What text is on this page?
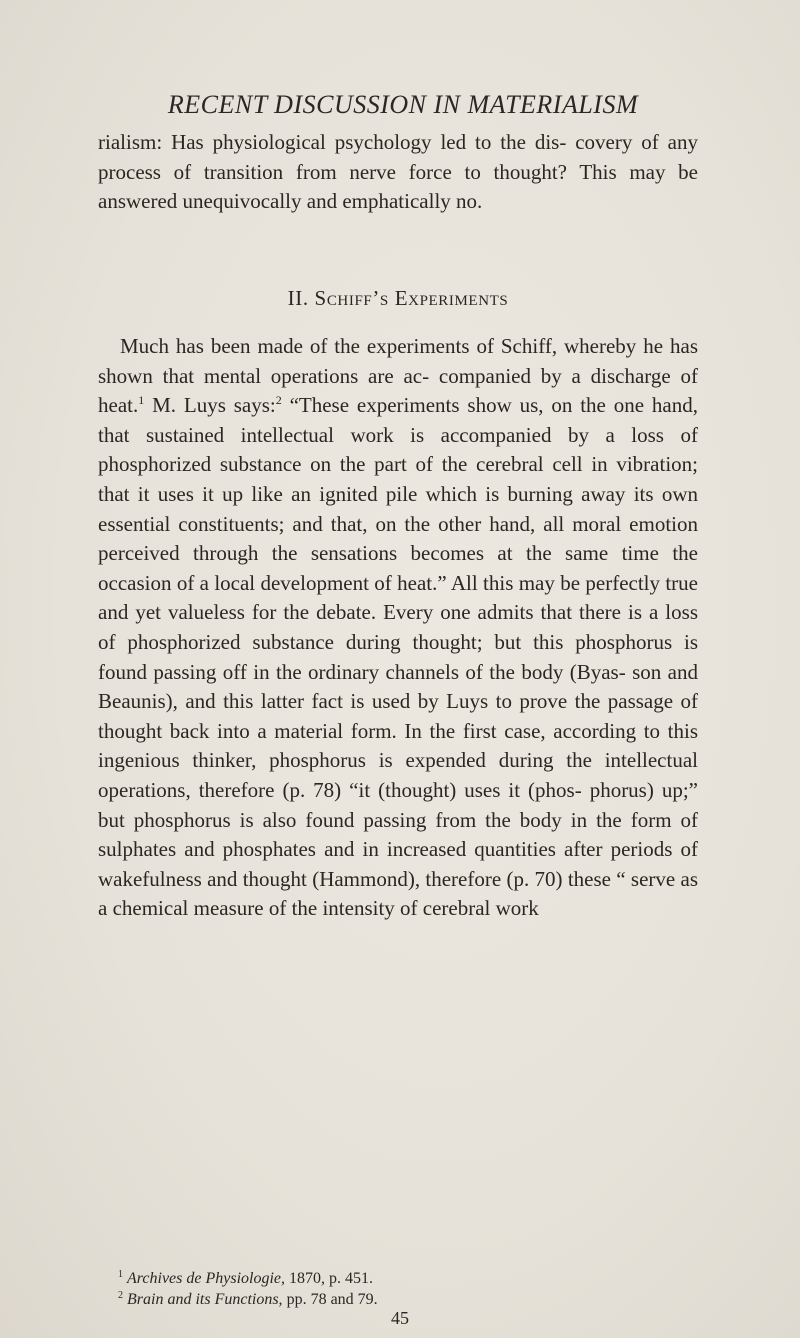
RECENT DISCUSSION IN MATERIALISM
rialism: Has physiological psychology led to the dis- covery of any process of transition from nerve force to thought? This may be answered unequivocally and emphatically no.
II. Schiff’s Experiments
Much has been made of the experiments of Schiff, whereby he has shown that mental operations are ac- companied by a discharge of heat.$^1$ M. Luys says:$^2$ “These experiments show us, on the one hand, that sustained intellectual work is accompanied by a loss of phosphorized substance on the part of the cerebral cell in vibration; that it uses it up like an ignited pile which is burning away its own essential constituents; and that, on the other hand, all moral emotion perceived through the sensations becomes at the same time the occasion of a local development of heat.” All this may be perfectly true and yet valueless for the debate. Every one admits that there is a loss of phosphorized substance during thought; but this phosphorus is found passing off in the ordinary channels of the body (Byas- son and Beaunis), and this latter fact is used by Luys to prove the passage of thought back into a material form. In the first case, according to this ingenious thinker, phosphorus is expended during the intellectual operations, therefore (p. 78) “it (thought) uses it (phos- phorus) up;” but phosphorus is also found passing from the body in the form of sulphates and phosphates and in increased quantities after periods of wakefulness and thought (Hammond), therefore (p. 70) these “ serve as a chemical measure of the intensity of cerebral work
$^1$ Archives de Physiologie, 1870, p. 451.
$^2$ Brain and its Functions, pp. 78 and 79.
45
